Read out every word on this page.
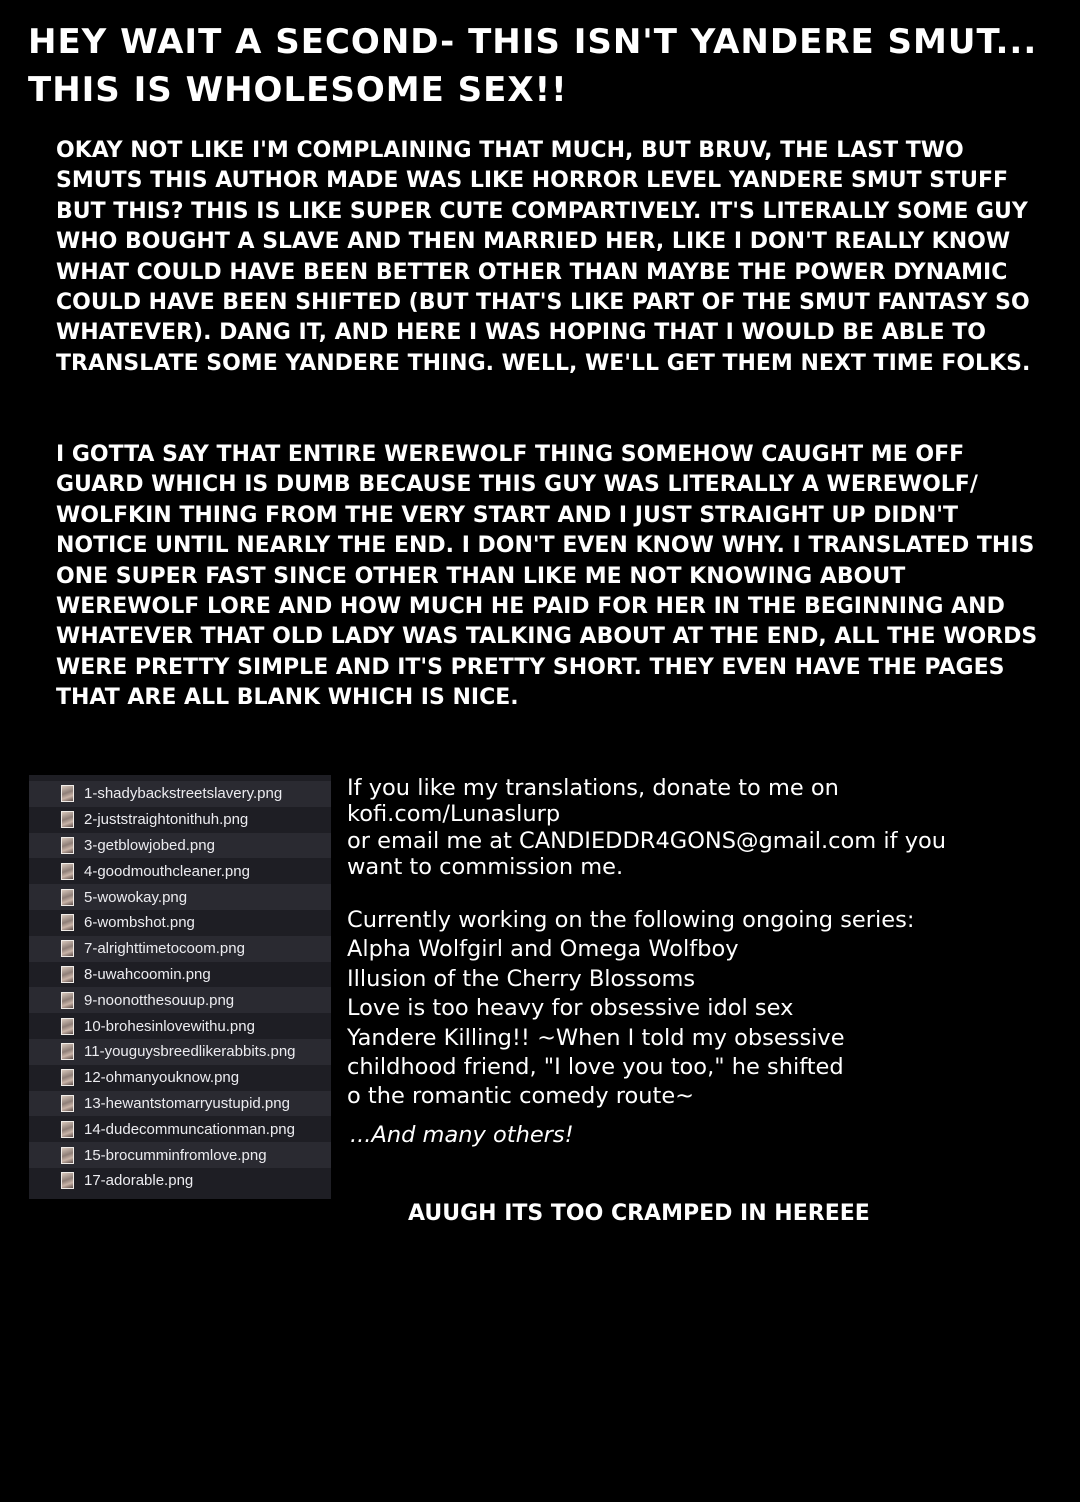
HEY WAIT A SECOND- THIS ISN'T YANDERE SMUT...
THIS IS WHOLESOME SEX!!

OKAY NOT LIKE I'M COMPLAINING THAT MUCH, BUT BRUV, THE LAST TWO SMUTS THIS AUTHOR MADE WAS LIKE HORROR LEVEL YANDERE SMUT STUFF BUT THIS? THIS IS LIKE SUPER CUTE COMPARTIVELY. IT'S LITERALLY SOME GUY WHO BOUGHT A SLAVE AND THEN MARRIED HER, LIKE I DON'T REALLY KNOW WHAT COULD HAVE BEEN BETTER OTHER THAN MAYBE THE POWER DYNAMIC COULD HAVE BEEN SHIFTED (BUT THAT'S LIKE PART OF THE SMUT FANTASY SO WHATEVER). DANG IT, AND HERE I WAS HOPING THAT I WOULD BE ABLE TO TRANSLATE SOME YANDERE THING. WELL, WE'LL GET THEM NEXT TIME FOLKS.

I GOTTA SAY THAT ENTIRE WEREWOLF THING SOMEHOW CAUGHT ME OFF GUARD WHICH IS DUMB BECAUSE THIS GUY WAS LITERALLY A WEREWOLF/ WOLFKIN THING FROM THE VERY START AND I JUST STRAIGHT UP DIDN'T NOTICE UNTIL NEARLY THE END. I DON'T EVEN KNOW WHY. I TRANSLATED THIS ONE SUPER FAST SINCE OTHER THAN LIKE ME NOT KNOWING ABOUT WEREWOLF LORE AND HOW MUCH HE PAID FOR HER IN THE BEGINNING AND WHATEVER THAT OLD LADY WAS TALKING ABOUT AT THE END, ALL THE WORDS WERE PRETTY SIMPLE AND IT'S PRETTY SHORT. THEY EVEN HAVE THE PAGES THAT ARE ALL BLANK WHICH IS NICE.

1-shadybackstreetslavery.png
2-juststraightonithuh.png
3-getblowjobed.png
4-goodmouthcleaner.png
5-wowokay.png
6-wombshot.png
7-alrighttimetocoom.png
8-uwahcoomin.png
9-noonotthesouup.png
10-brohesinlovewithu.png
11-youguysbreedlikerabbits.png
12-ohmanyouknow.png
13-hewantstomarryustupid.png
14-dudecommuncationman.png
15-brocumminfromlove.png
17-adorable.png

If you like my translations, donate to me on
kofi.com/Lunaslurp
or email me at CANDIEDDR4GONS@gmail.com if you
want to commission me.

Currently working on the following ongoing series:
Alpha Wolfgirl and Omega Wolfboy
Illusion of the Cherry Blossoms
Love is too heavy for obsessive idol sex
Yandere Killing!! ~When I told my obsessive
childhood friend, "I love you too," he shifted
o the romantic comedy route~

...And many others!

AUUGH ITS TOO CRAMPED IN HEREEE
